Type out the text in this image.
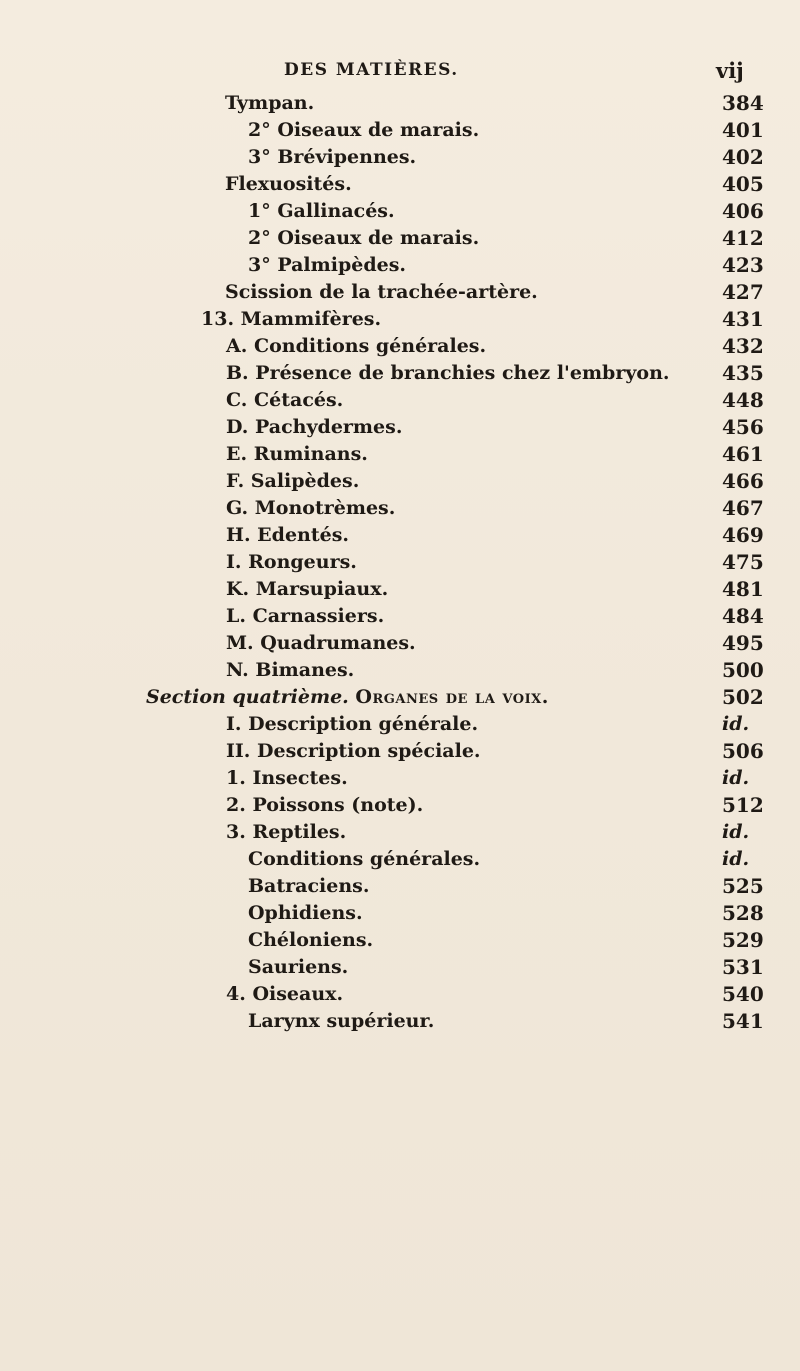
DES MATIÈRES.	vij
Tympan.	384
2° Oiseaux de marais.	401
3° Brévipennes.	402
Flexuosités.	405
1° Gallinacés.	406
2° Oiseaux de marais.	412
3° Palmipèdes.	423
Scission de la trachée-artère.	427
13. Mammifères.	431
A. Conditions générales.	432
B. Présence de branchies chez l'embryon.	435
C. Cétacés.	448
D. Pachydermes.	456
E. Ruminans.	461
F. Salipèdes.	466
G. Monotrèmes.	467
H. Edentés.	469
I. Rongeurs.	475
K. Marsupiaux.	481
L. Carnassiers.	484
M. Quadrumanes.	495
N. Bimanes.	500
Section quatrième. Organes de la voix.	502
I. Description générale.	id.
II. Description spéciale.	506
1. Insectes.	id.
2. Poissons (note).	512
3. Reptiles.	id.
Conditions générales.	id.
Batraciens.	525
Ophidiens.	528
Chéloniens.	529
Sauriens.	531
4. Oiseaux.	540
Larynx supérieur.	541
